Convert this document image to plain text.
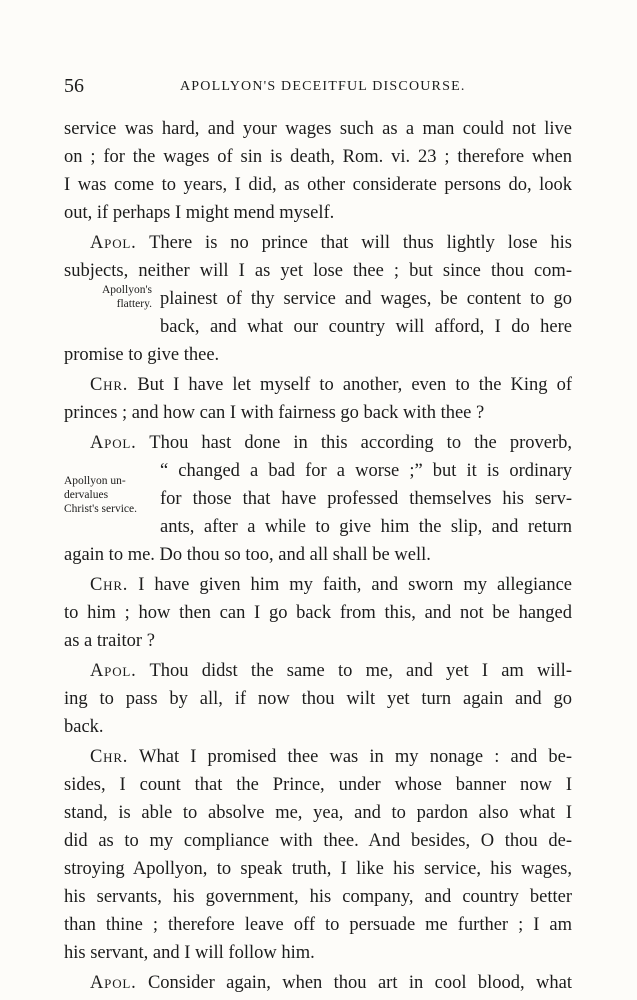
56	APOLLYON'S DECEITFUL DISCOURSE.
service was hard, and your wages such as a man could not live
on ; for the wages of sin is death, Rom. vi. 23 ; therefore when
I was come to years, I did, as other considerate persons do, look
out, if perhaps I might mend myself.
Apol. There is no prince that will thus lightly lose his
subjects, neither will I as yet lose thee ; but since thou com-
Apollyon's
flattery. plainest of thy service and wages, be content to go
back, and what our country will afford, I do here
promise to give thee.
Chr. But I have let myself to another, even to the King of
princes ; and how can I with fairness go back with thee ?
Apol. Thou hast done in this according to the proverb,
“ changed a bad for a worse ;” but it is ordinary
Apollyon un-
dervalues
Christ's service.	for those that have professed themselves his serv-
ants, after a while to give him the slip, and return
again to me. Do thou so too, and all shall be well.
Chr. I have given him my faith, and sworn my allegiance
to him ; how then can I go back from this, and not be hanged
as a traitor ?
Apol. Thou didst the same to me, and yet I am will-
ing to pass by all, if now thou wilt yet turn again and go
back.
Chr. What I promised thee was in my nonage : and be-
sides, I count that the Prince, under whose banner now I
stand, is able to absolve me, yea, and to pardon also what I
did as to my compliance with thee. And besides, O thou de-
stroying Apollyon, to speak truth, I like his service, his wages,
his servants, his government, his company, and country better
than thine ; therefore leave off to persuade me further ; I am
his servant, and I will follow him.
Apol. Consider again, when thou art in cool blood, what
